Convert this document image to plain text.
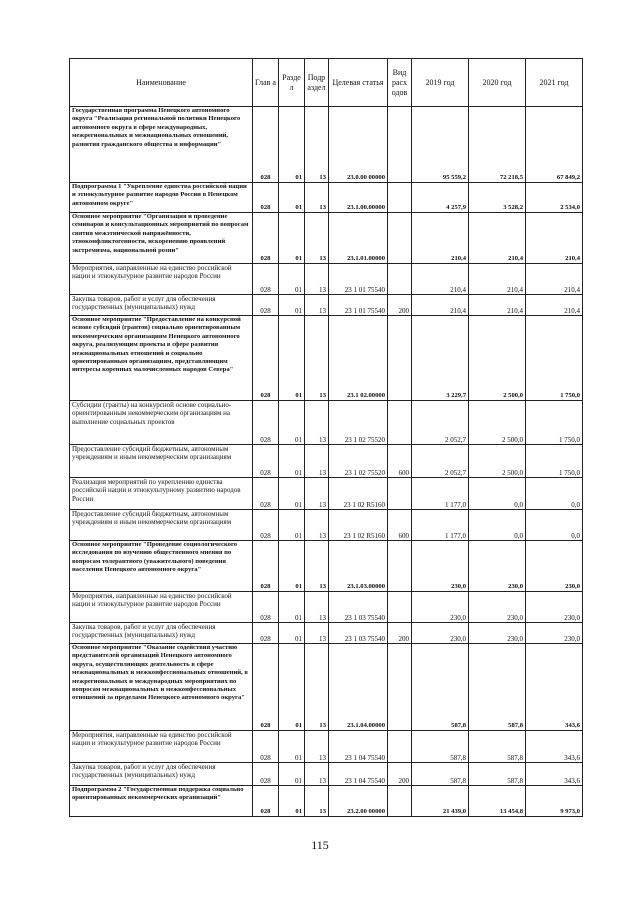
Наименование	Глав а	Разде л	Подр аздел	Целевая статья	Вид расх одов	2019 год	2020 год	2021 год
Государственная программа Ненецкого автономного округа "Реализация региональной политики Ненецкого автономного округа в сфере международных, межрегиональных и межнациональных отношений, развития гражданского общества и информации"	028	01	13	23.0.00 00000		95 559,2	72 218,5	67 849,2
Подпрограмма 1 "Укрепление единства российской нации и этнокультурное развитие народов России в Ненецком автономном округе"	028	01	13	23.1.00.00000		4 257,9	3 528,2	2 534,0
Основное мероприятие "Организация и проведение семинаров и консультационных мероприятий по вопросам снятия межэтнической напряжённости, этноконфликтогенности, искоренению проявлений экстремизма, национальной розни"	028	01	13	23.1.01.00000		210,4	210,4	210,4
Мероприятия, направленные на единство российской нации и этнокультурное развитие народов России	028	01	13	23 1 01 75540		210,4	210,4	210,4
Закупка товаров, работ и услуг для обеспечения государственных (муниципальных) нужд	028	01	13	23 1 01 75540	200	210,4	210,4	210,4
Основное мероприятие "Предоставление на конкурсной основе субсидий (грантов) социально ориентированным некоммерческим организациям Ненецкого автономного округа, реализующим проекты в сфере развития межнациональных отношений и социально ориентированным организациям, представляющим интересы коренных малочисленных народов Севера"	028	01	13	23.1 02.00000		3 229,7	2 500,0	1 750,0
Субсидии (гранты) на конкурсной основе социально-ориентированным некоммерческим организациям на выполнение социальных проектов	028	01	13	23 1 02 75520		2 052,7	2 500,0	1 750,0
Предоставление субсидий бюджетным, автономным учреждениям и иным некоммерческим организациям	028	01	13	23 1 02 75520	600	2 052,7	2 500,0	1 750,0
Реализация мероприятий по укреплению единства российской нации и этнокультурному развитию народов России	028	01	13	23 1 02 R5160		1 177,0	0,0	0,0
Предоставление субсидий бюджетным, автономным учреждениям и иным некоммерческим организациям	028	01	13	23 1 02 R5160	600	1 177,0	0,0	0,0
Основное мероприятие "Проведение социологического исследования по изучению общественного мнения по вопросам толерантного (уважительного) поведения населения Ненецкого автономного округа"	028	01	13	23.1.03.00000		230,0	230,0	230,0
Мероприятия, направленные на единство российской нации и этнокультурное развитие народов России	028	01	13	23 1 03 75540		230,0	230,0	230,0
Закупка товаров, работ и услуг для обеспечения государственных (муниципальных) нужд	028	01	13	23 1 03 75540	200	230,0	230,0	230,0
Основное мероприятие "Оказание содействия участию представителей организаций Ненецкого автономного округа, осуществляющих деятельность в сфере межнациональных и межконфессиональных отношений, в межрегиональных и международных мероприятиях по вопросам межнациональных и межконфессиональных отношений за пределами Ненецкого автономного округа"	028	01	13	23.1.04.00000		587,8	587,8	343,6
Мероприятия, направленные на единство российской нации и этнокультурное развитие народов России	028	01	13	23 1 04 75540		587,8	587,8	343,6
Закупка товаров, работ и услуг для обеспечения государственных (муниципальных) нужд	028	01	13	23 1 04 75540	200	587,8	587,8	343,6
Подпрограмма 2 "Государственная поддержка социально ориентированных некоммерческих организаций"	028	01	13	23.2.00 00000		21 439,0	13 454,8	9 973,0
115
